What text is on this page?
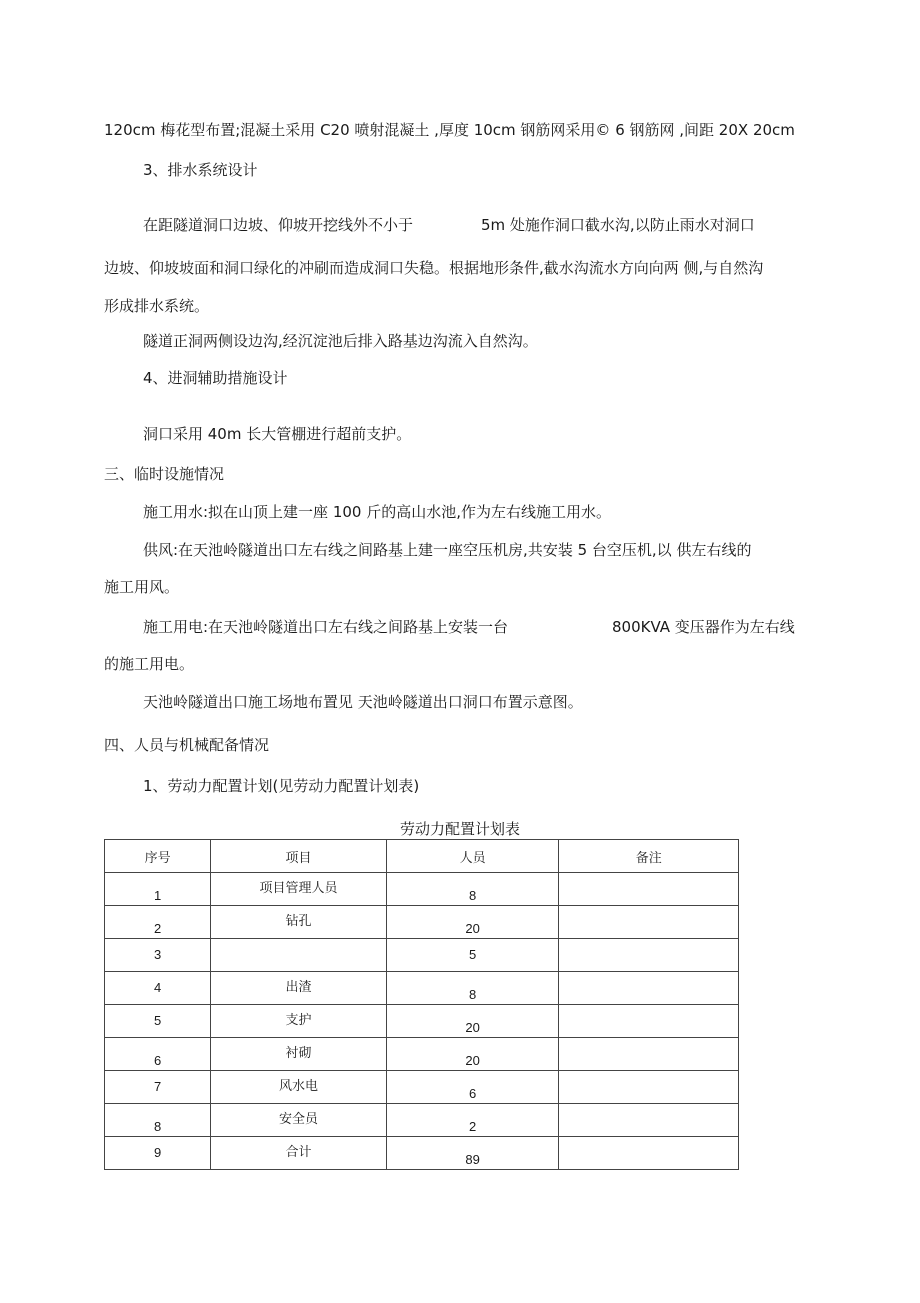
120cm 梅花型布置;混凝土采用 C20 喷射混凝土 ,厚度 10cm 钢筋网采用© 6 钢筋网 ,间距 20X 20cm
3、排水系统设计
在距隧道洞口边坡、仰坡开挖线外不小于	5m 处施作洞口截水沟,以防止雨水对洞口
边坡、仰坡坡面和洞口绿化的冲刷而造成洞口失稳。根据地形条件,截水沟流水方向向两 侧,与自然沟
形成排水系统。
隧道正洞两侧设边沟,经沉淀池后排入路基边沟流入自然沟。
4、进洞辅助措施设计
洞口采用 40m 长大管棚进行超前支护。
三、临时设施情况
施工用水:拟在山顶上建一座 100 斤的高山水池,作为左右线施工用水。
供风:在天池岭隧道出口左右线之间路基上建一座空压机房,共安装 5 台空压机,以 供左右线的
施工用风。
施工用电:在天池岭隧道出口左右线之间路基上安装一台	800KVA 变压器作为左右线
的施工用电。
天池岭隧道出口施工场地布置见 天池岭隧道出口洞口布置示意图。
四、人员与机械配备情况
1、劳动力配置计划(见劳动力配置计划表)
劳动力配置计划表
序号	项目	人员	备注

1	项目管理人员	8	

2	钻孔	20	

3		5	

4	出渣	8	

5	支护	20	

6	衬砌	20	

7	风水电	6	

8	安全员	2	

9	合计	89	
